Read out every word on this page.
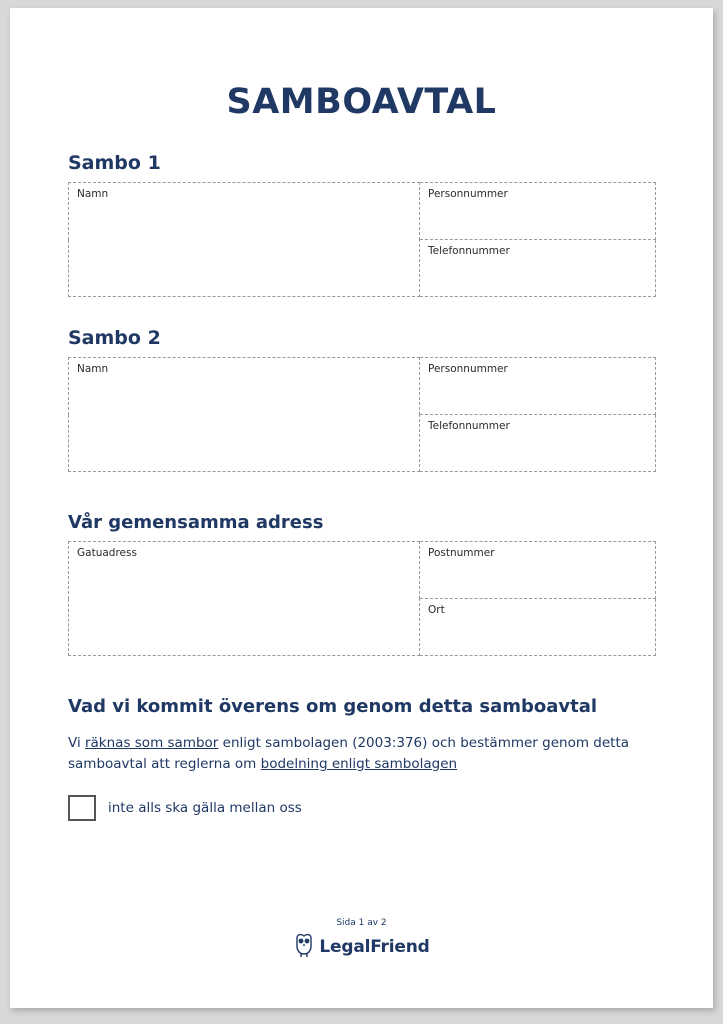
SAMBOAVTAL
Sambo 1
Namn	Personnummer
Telefonnummer
Sambo 2
Namn	Personnummer
Telefonnummer
Vår gemensamma adress
Gatuadress	Postnummer
Ort
Vad vi kommit överens om genom detta samboavtal
Vi räknas som sambor enligt sambolagen (2003:376) och bestämmer genom detta samboavtal att reglerna om bodelning enligt sambolagen
inte alls ska gälla mellan oss
Sida 1 av 2
LegalFriend
